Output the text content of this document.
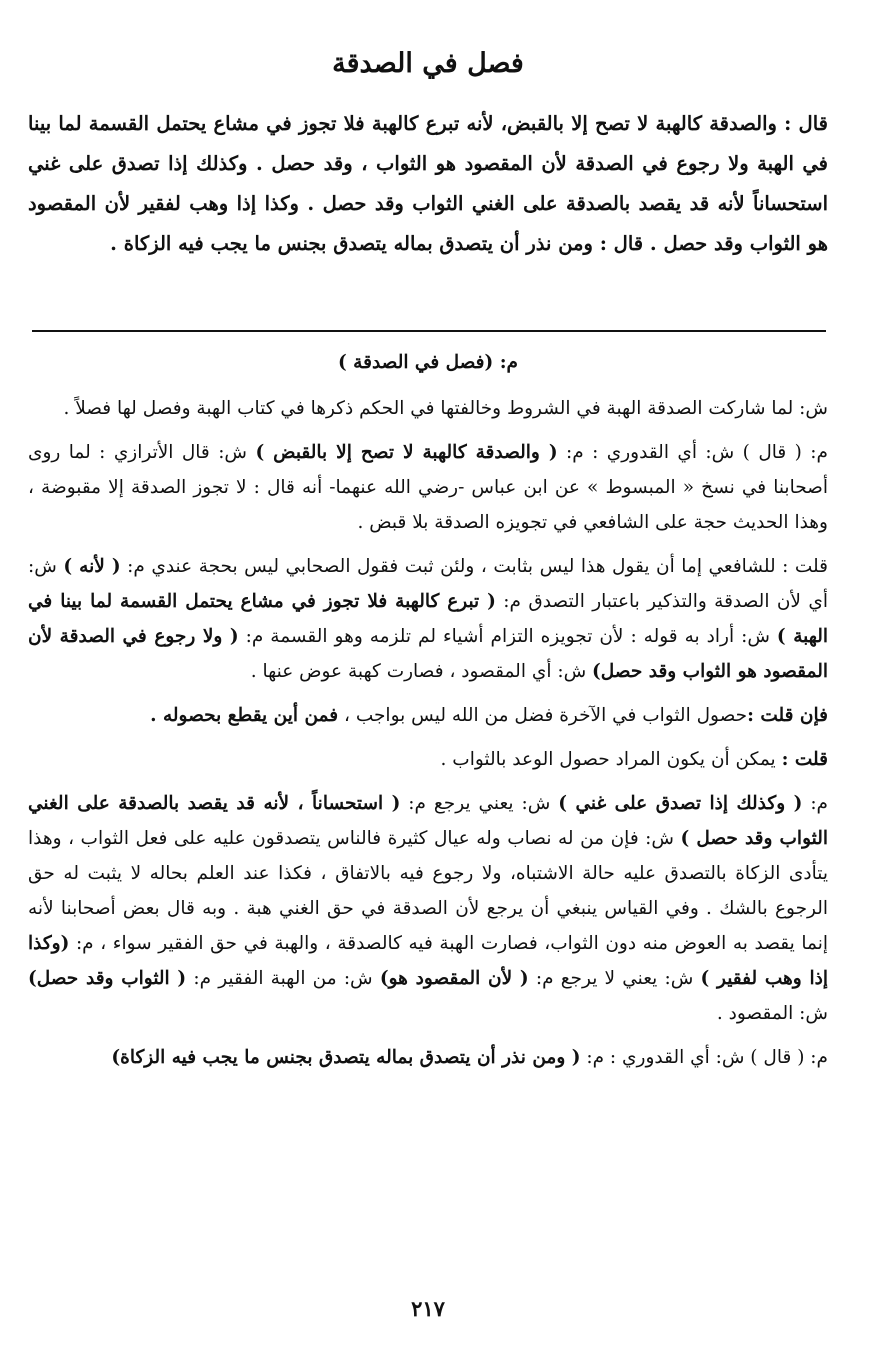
فصل في الصدقة

قال : والصدقة كالهبة لا تصح إلا بالقبض، لأنه تبرع كالهبة فلا تجوز في مشاع يحتمل القسمة لما بينا في الهبة ولا رجوع في الصدقة لأن المقصود هو الثواب ، وقد حصل . وكذلك إذا تصدق على غني استحساناً لأنه قد يقصد بالصدقة على الغني الثواب وقد حصل . وكذا إذا وهب لفقير لأن المقصود هو الثواب وقد حصل . قال : ومن نذر أن يتصدق بماله يتصدق بجنس ما يجب فيه الزكاة .

م: (فصل في الصدقة )

ش: لما شاركت الصدقة الهبة في الشروط وخالفتها في الحكم ذكرها في كتاب الهبة وفصل لها فصلاً .

م: ( قال ) ش: أي القدوري : م: ( والصدقة كالهبة لا تصح إلا بالقبض ) ش: قال الأترازي : لما روى أصحابنا في نسخ « المبسوط » عن ابن عباس -رضي الله عنهما- أنه قال : لا تجوز الصدقة إلا مقبوضة ، وهذا الحديث حجة على الشافعي في تجويزه الصدقة بلا قبض .

قلت : للشافعي إما أن يقول هذا ليس بثابت ، ولئن ثبت فقول الصحابي ليس بحجة عندي م: ( لأنه ) ش: أي لأن الصدقة والتذكير باعتبار التصدق م: ( تبرع كالهبة فلا تجوز في مشاع يحتمل القسمة لما بينا في الهبة ) ش: أراد به قوله : لأن تجويزه التزام أشياء لم تلزمه وهو القسمة م: ( ولا رجوع في الصدقة لأن المقصود هو الثواب وقد حصل) ش: أي المقصود ، فصارت كهبة عوض عنها .

فإن قلت :حصول الثواب في الآخرة فضل من الله ليس بواجب ، فمن أين يقطع بحصوله .

قلت : يمكن أن يكون المراد حصول الوعد بالثواب .

م: ( وكذلك إذا تصدق على غني ) ش: يعني يرجع م: ( استحساناً ، لأنه قد يقصد بالصدقة على الغني الثواب وقد حصل ) ش: فإن من له نصاب وله عيال كثيرة فالناس يتصدقون عليه على فعل الثواب ، وهذا يتأدى الزكاة بالتصدق عليه حالة الاشتباه، ولا رجوع فيه بالاتفاق ، فكذا عند العلم بحاله لا يثبت له حق الرجوع بالشك . وفي القياس ينبغي أن يرجع لأن الصدقة في حق الغني هبة . وبه قال بعض أصحابنا لأنه إنما يقصد به العوض منه دون الثواب، فصارت الهبة فيه كالصدقة ، والهبة في حق الفقير سواء ، م: (وكذا إذا وهب لفقير ) ش: يعني لا يرجع م: ( لأن المقصود هو) ش: من الهبة الفقير م: ( الثواب وقد حصل) ش: المقصود .

م: ( قال ) ش: أي القدوري : م: ( ومن نذر أن يتصدق بماله يتصدق بجنس ما يجب فيه الزكاة)

٢١٧
